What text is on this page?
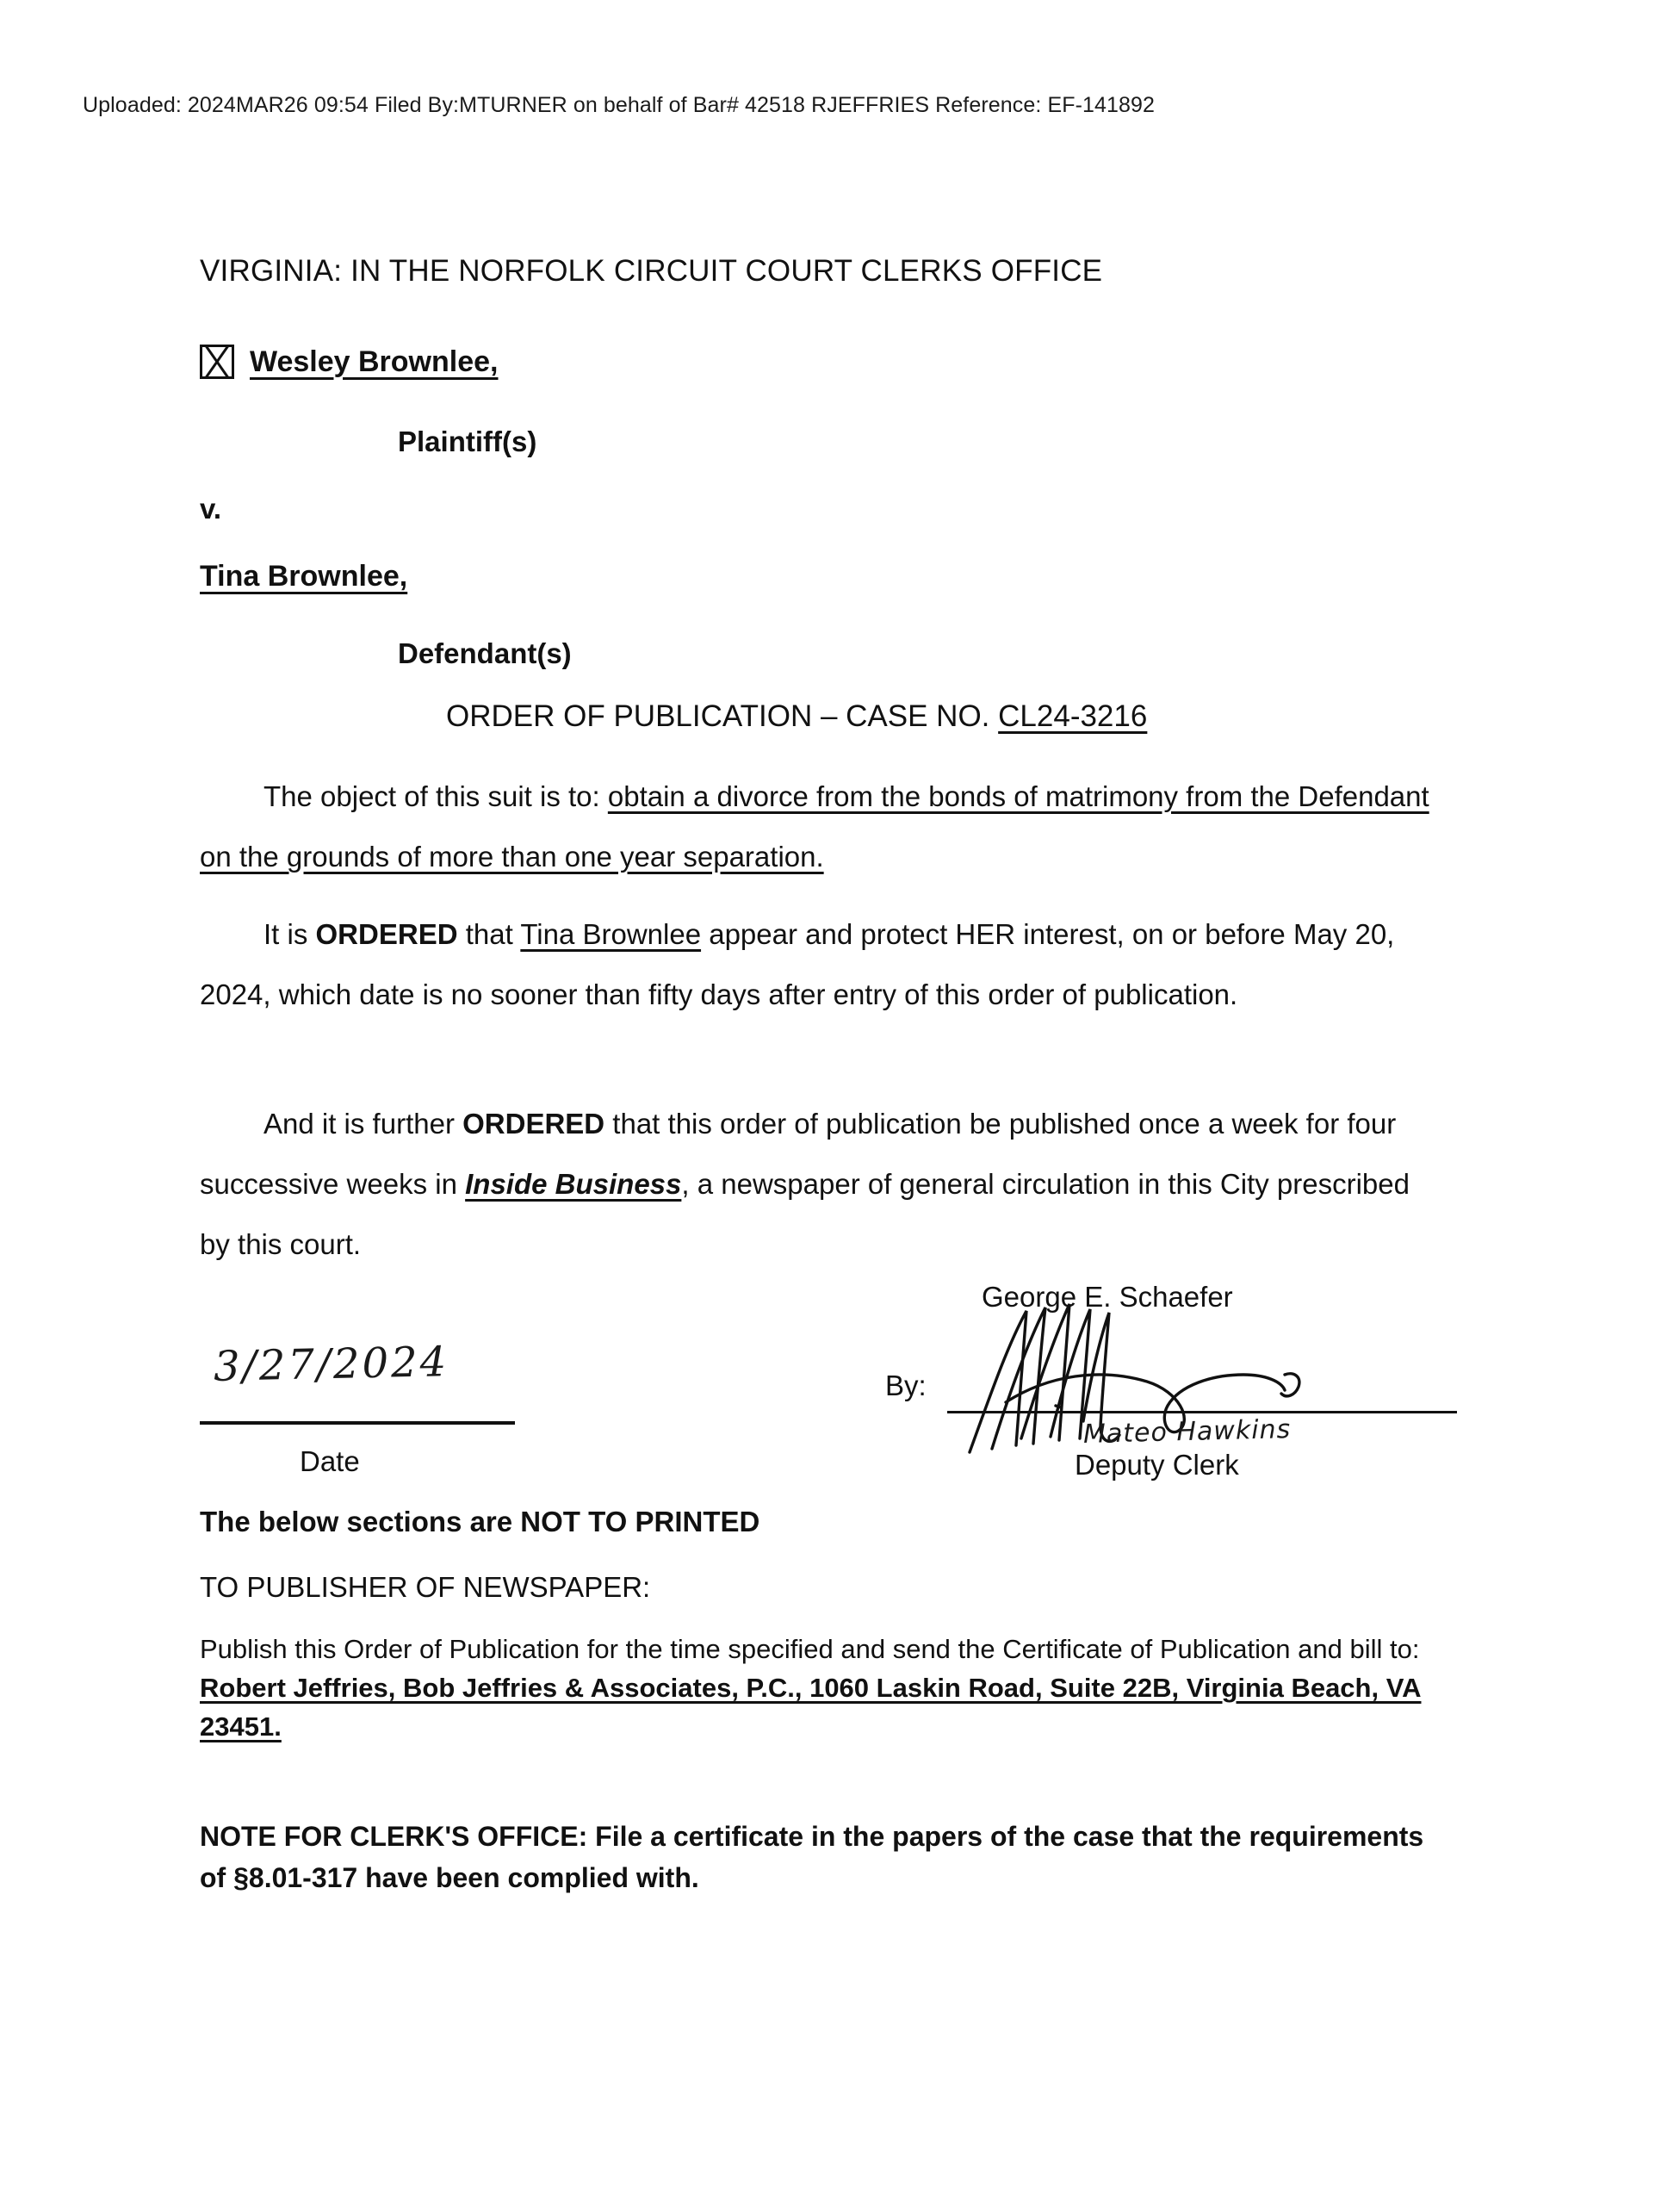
Uploaded: 2024MAR26 09:54 Filed By:MTURNER on behalf of Bar# 42518 RJEFFRIES Reference: EF-141892
VIRGINIA: IN THE NORFOLK CIRCUIT COURT CLERKS OFFICE
Wesley Brownlee,
Plaintiff(s)
v.
Tina Brownlee,
Defendant(s)
ORDER OF PUBLICATION – CASE NO. CL24-3216
The object of this suit is to: obtain a divorce from the bonds of matrimony from the Defendant on the grounds of more than one year separation.
It is ORDERED that Tina Brownlee appear and protect HER interest, on or before May 20, 2024, which date is no sooner than fifty days after entry of this order of publication.
And it is further ORDERED that this order of publication be published once a week for four successive weeks in Inside Business, a newspaper of general circulation in this City prescribed by this court.
3/27/2024
Date
George E. Schaefer
By:
Mateo Hawkins
Deputy Clerk
The below sections are NOT TO PRINTED
TO PUBLISHER OF NEWSPAPER:
Publish this Order of Publication for the time specified and send the Certificate of Publication and bill to: Robert Jeffries, Bob Jeffries & Associates, P.C., 1060 Laskin Road, Suite 22B, Virginia Beach, VA 23451.
NOTE FOR CLERK'S OFFICE: File a certificate in the papers of the case that the requirements of §8.01-317 have been complied with.
